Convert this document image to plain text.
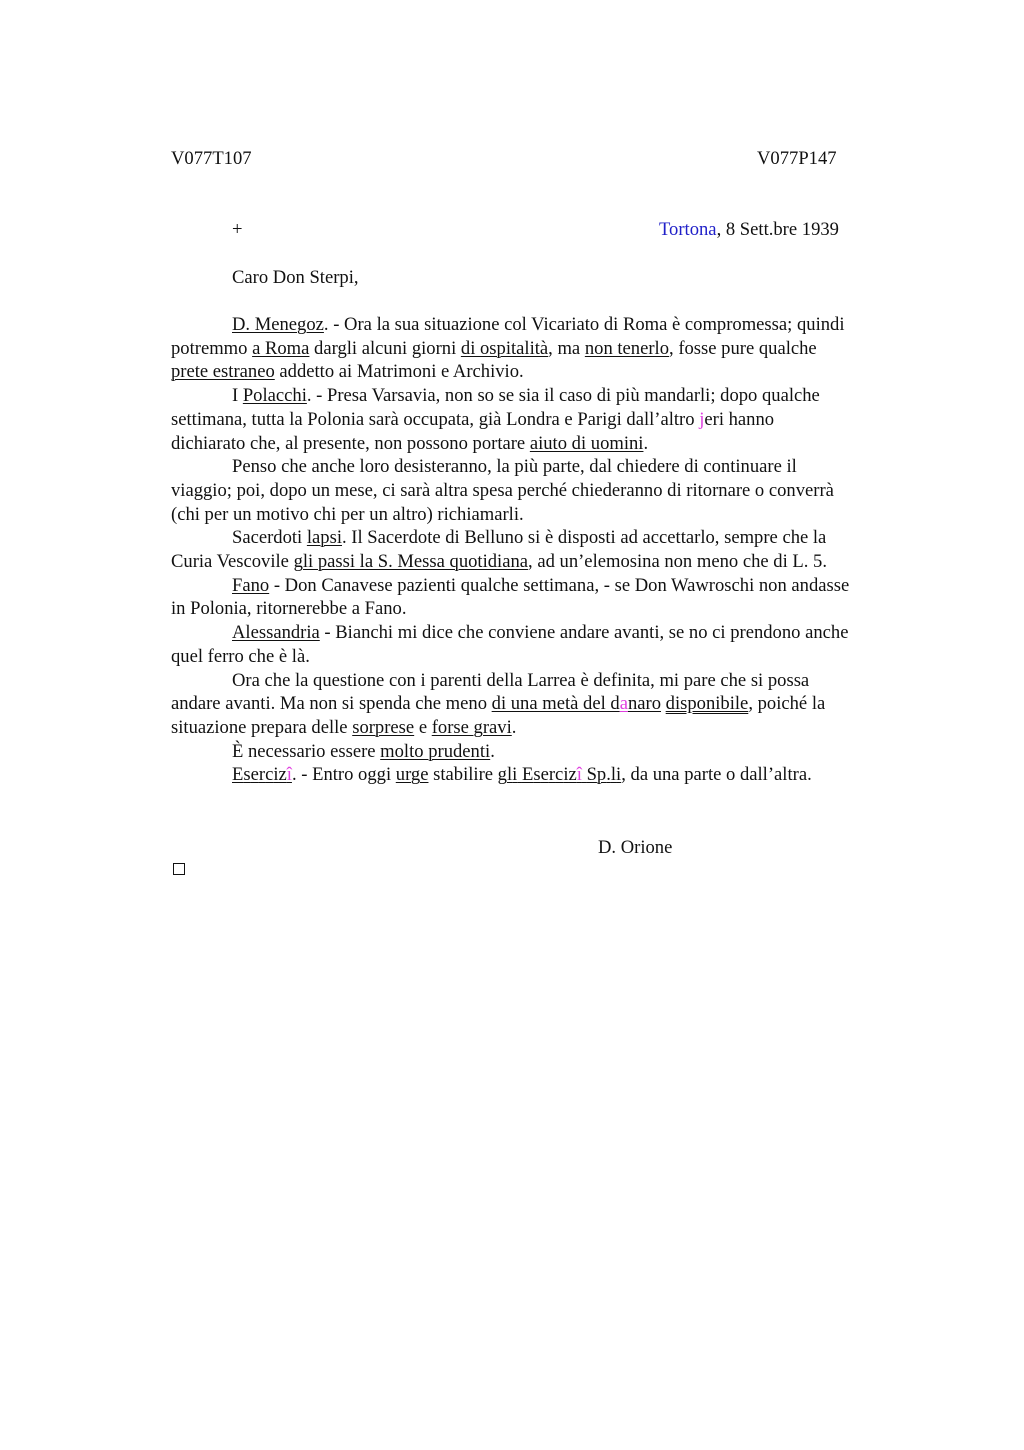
V077T107	V077P147
+	Tortona, 8 Sett.bre 1939
Caro Don Sterpi,

D. Menegoz. - Ora la sua situazione col Vicariato di Roma è compromessa; quindi
potremmo a Roma dargli alcuni giorni di ospitalità, ma non tenerlo, fosse pure qualche
prete estraneo addetto ai Matrimoni e Archivio.

I Polacchi. - Presa Varsavia, non so se sia il caso di più mandarli; dopo qualche
settimana, tutta la Polonia sarà occupata, già Londra e Parigi dall’altro jeri hanno
dichiarato che, al presente, non possono portare aiuto di uomini.

Penso che anche loro desisteranno, la più parte, dal chiedere di continuare il
viaggio; poi, dopo un mese, ci sarà altra spesa perché chiederanno di ritornare o converrà
(chi per un motivo chi per un altro) richiamarli.

Sacerdoti lapsi. Il Sacerdote di Belluno si è disposti ad accettarlo, sempre che la
Curia Vescovile gli passi la S. Messa quotidiana, ad un’elemosina non meno che di L. 5.

Fano - Don Canavese pazienti qualche settimana, - se Don Wawroschi non andasse
in Polonia, ritornerebbe a Fano.

Alessandria - Bianchi mi dice che conviene andare avanti, se no ci prendono anche
quel ferro che è là.

Ora che la questione con i parenti della Larrea è definita, mi pare che si possa
andare avanti. Ma non si spenda che meno di una metà del danaro disponibile, poiché la
situazione prepara delle sorprese e forse gravi.

È necessario essere molto prudenti.

Esercizî. - Entro oggi urge stabilire gli Esercizî Sp.li, da una parte o dall’altra.

D. Orione
